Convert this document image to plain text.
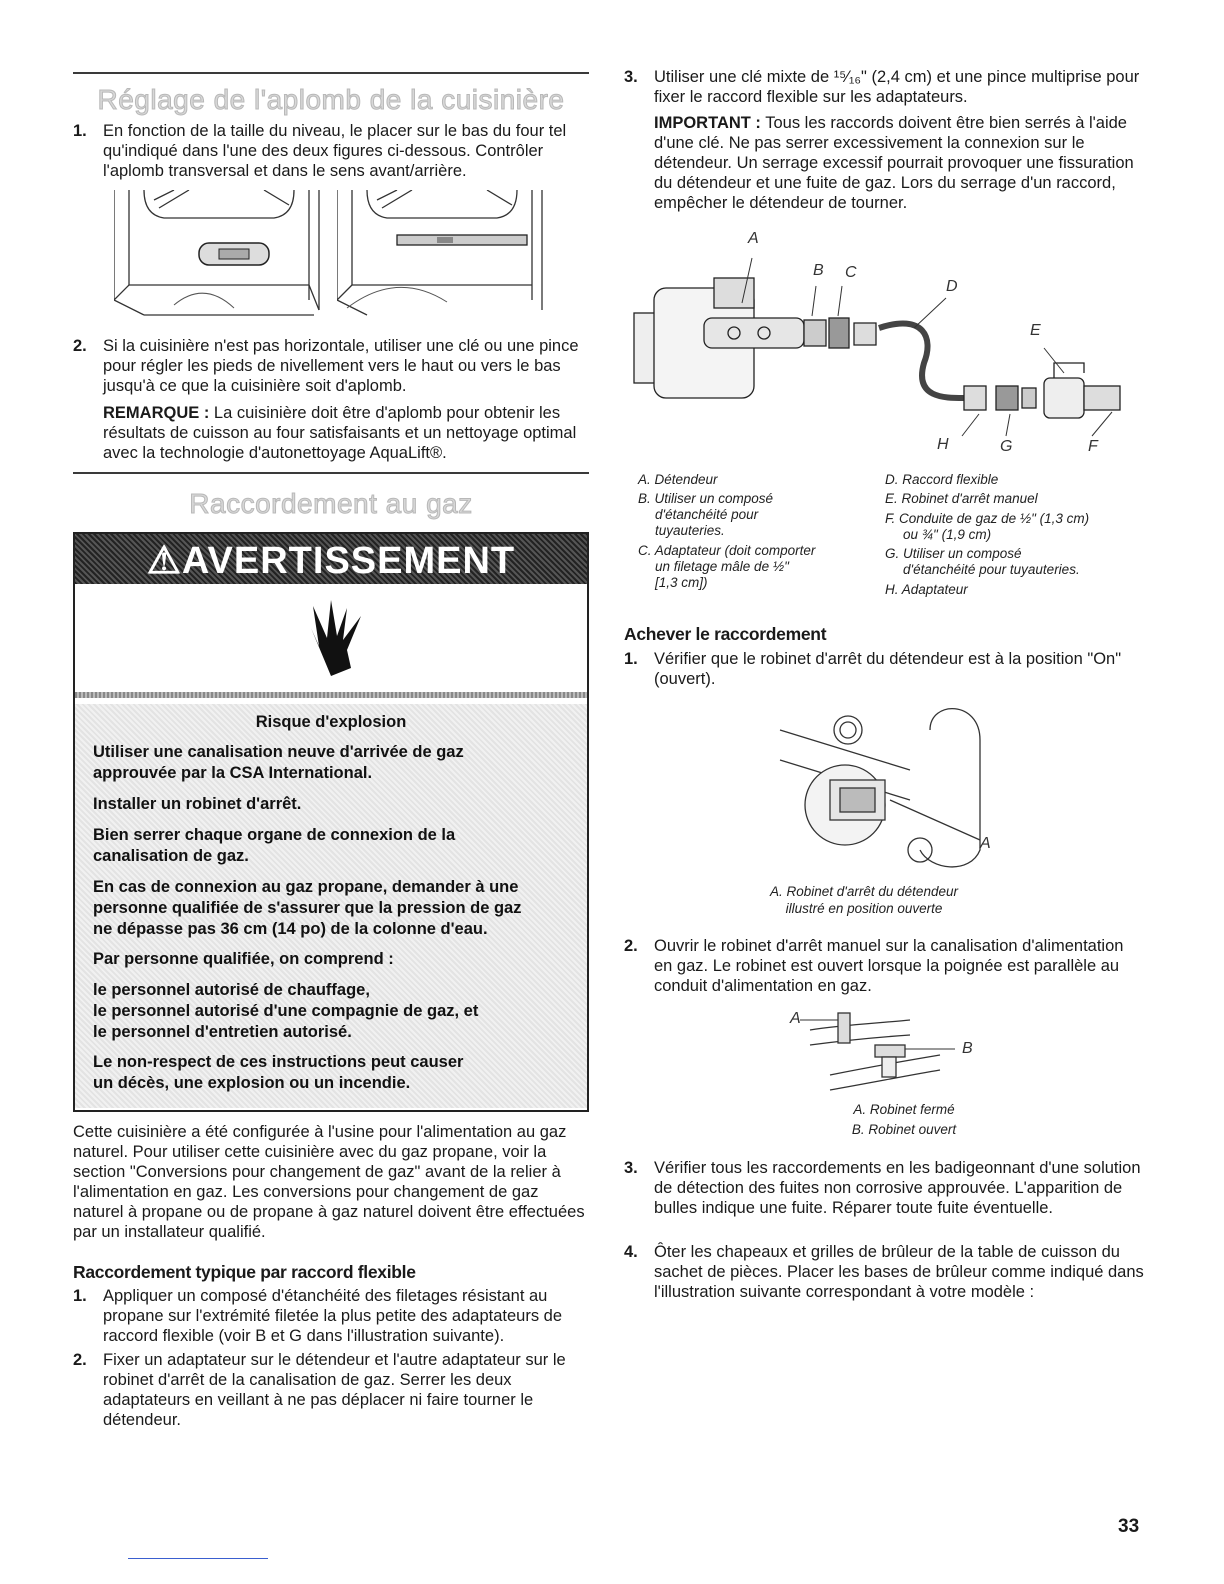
Réglage de l'aplomb de la cuisinière
1. En fonction de la taille du niveau, le placer sur le bas du four tel qu'indiqué dans l'une des deux figures ci-dessous. Contrôler l'aplomb transversal et dans le sens avant/arrière.
2. Si la cuisinière n'est pas horizontale, utiliser une clé ou une pince pour régler les pieds de nivellement vers le haut ou vers le bas jusqu'à ce que la cuisinière soit d'aplomb.
REMARQUE : La cuisinière doit être d'aplomb pour obtenir les résultats de cuisson au four satisfaisants et un nettoyage optimal avec la technologie d'autonettoyage AquaLift®.
Raccordement au gaz
⚠AVERTISSEMENT
Risque d'explosion
Utiliser une canalisation neuve d'arrivée de gaz
approuvée par la CSA International.
Installer un robinet d'arrêt.
Bien serrer chaque organe de connexion de la
canalisation de gaz.
En cas de connexion au gaz propane, demander à une
personne qualifiée de s'assurer que la pression de gaz
ne dépasse pas 36 cm (14 po) de la colonne d'eau.
Par personne qualifiée, on comprend :
le personnel autorisé de chauffage,
le personnel autorisé d'une compagnie de gaz, et
le personnel d'entretien autorisé.
Le non-respect de ces instructions peut causer
un décès, une explosion ou un incendie.
Cette cuisinière a été configurée à l'usine pour l'alimentation au gaz naturel. Pour utiliser cette cuisinière avec du gaz propane, voir la section "Conversions pour changement de gaz" avant de la relier à l'alimentation en gaz. Les conversions pour changement de gaz naturel à propane ou de propane à gaz naturel doivent être effectuées par un installateur qualifié.
Raccordement typique par raccord flexible
1. Appliquer un composé d'étanchéité des filetages résistant au propane sur l'extrémité filetée la plus petite des adaptateurs de raccord flexible (voir B et G dans l'illustration suivante).
2. Fixer un adaptateur sur le détendeur et l'autre adaptateur sur le robinet d'arrêt de la canalisation de gaz. Serrer les deux adaptateurs en veillant à ne pas déplacer ni faire tourner le détendeur.
3. Utiliser une clé mixte de ¹⁵⁄₁₆" (2,4 cm) et une pince multiprise pour fixer le raccord flexible sur les adaptateurs.
IMPORTANT : Tous les raccords doivent être bien serrés à l'aide d'une clé. Ne pas serrer excessivement la connexion sur le détendeur. Un serrage excessif pourrait provoquer une fissuration du détendeur et une fuite de gaz. Lors du serrage d'un raccord, empêcher le détendeur de tourner.
A
B C
D
E
H	G	F
A. Détendeur
B. Utiliser un composé
d'étanchéité pour
tuyauteries.
C. Adaptateur (doit comporter
un filetage mâle de ½"
[1,3 cm])
D. Raccord flexible
E. Robinet d'arrêt manuel
F. Conduite de gaz de ½" (1,3 cm)
ou ¾" (1,9 cm)
G. Utiliser un composé
d'étanchéité pour tuyauteries.
H. Adaptateur
Achever le raccordement
1. Vérifier que le robinet d'arrêt du détendeur est à la position "On" (ouvert).
A
A. Robinet d'arrêt du détendeur
illustré en position ouverte
2. Ouvrir le robinet d'arrêt manuel sur la canalisation d'alimentation en gaz. Le robinet est ouvert lorsque la poignée est parallèle au conduit d'alimentation en gaz.
A
B
A. Robinet fermé
B. Robinet ouvert
3. Vérifier tous les raccordements en les badigeonnant d'une solution de détection des fuites non corrosive approuvée. L'apparition de bulles indique une fuite. Réparer toute fuite éventuelle.
4. Ôter les chapeaux et grilles de brûleur de la table de cuisson du sachet de pièces. Placer les bases de brûleur comme indiqué dans l'illustration suivante correspondant à votre modèle :
33
